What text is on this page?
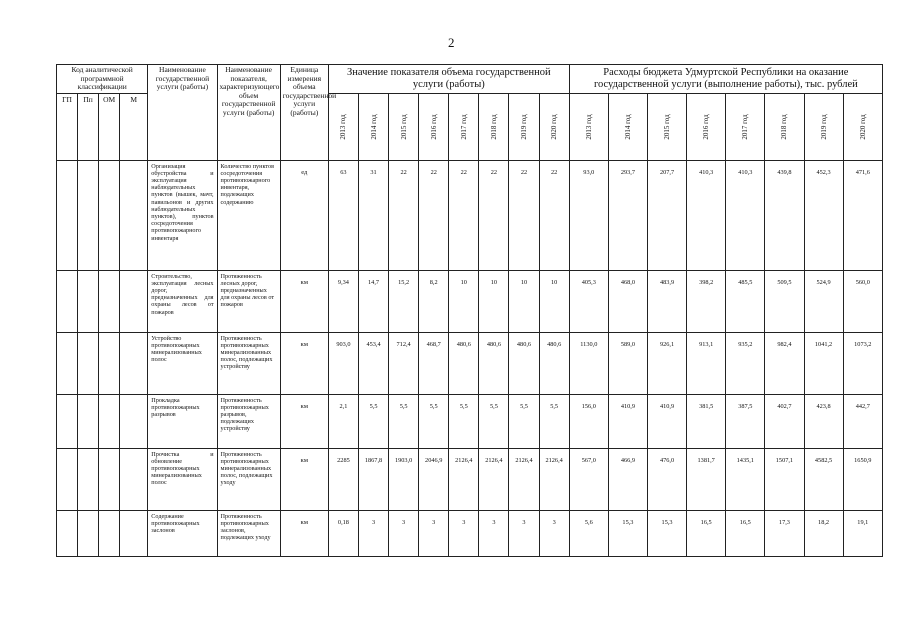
2
Код аналитической программной классификации				Наименование государственной услуги (работы)	Наименование показателя, характеризующего объем государственной услуги (работы)	Единица измерения объема государственной услуги (работы)	Значение показателя объема государственной услуги (работы)								Расходы бюджета Удмуртской Республики на оказание государственной услуги (выполнение работы), тыс. рублей							
ГП	Пп	ОМ	М				2013 год	2014 год	2015 год	2016 год	2017 год	2018 год	2019 год	2020 год	2013 год	2014 год	2015 год	2016 год	2017 год	2018 год	2019 год	2020 год

				Организация обустройства и эксплуатация наблюдательных пунктов (вышек, мачт, павильонов и других наблюдательных пунктов), пунктов сосредоточения противопожарного инвентаря	Количество пунктов сосредоточения противопожарного инвентаря, подлежащих содержанию	ед	63	31	22	22	22	22	22	22	93,0	293,7	207,7	410,3	410,3	439,8	452,3	471,6
				Строительство, эксплуатация лесных дорог, предназначенных для охраны лесов от пожаров	Протяженность лесных дорог, предназначенных для охраны лесов от пожаров	км	9,34	14,7	15,2	8,2	10	10	10	10	405,3	468,0	483,9	398,2	485,5	509,5	524,9	560,0
				Устройство противопожарных минерализованных полос	Протяженность противопожарных минерализованных полос, подлежащих устройству	км	903,0	453,4	712,4	468,7	480,6	480,6	480,6	480,6	1130,0	589,0	926,1	913,1	935,2	982,4	1041,2	1073,2
				Прокладка противопожарных разрывов	Протяженность противопожарных разрывов, подлежащих устройству	км	2,1	5,5	5,5	5,5	5,5	5,5	5,5	5,5	156,0	410,9	410,9	381,5	387,5	402,7	423,8	442,7
				Прочистка и обновление противопожарных минерализованных полос	Протяженность противопожарных минерализованных полос, подлежащих уходу	км	2285	1867,8	1903,0	2046,9	2126,4	2126,4	2126,4	2126,4	567,0	466,9	476,0	1381,7	1435,1	1507,1	4582,5	1650,9
				Содержание противопожарных заслонов	Протяженность противопожарных заслонов, подлежащих уходу	км	0,18	3	3	3	3	3	3	3	5,6	15,3	15,3	16,5	16,5	17,3	18,2	19,1
